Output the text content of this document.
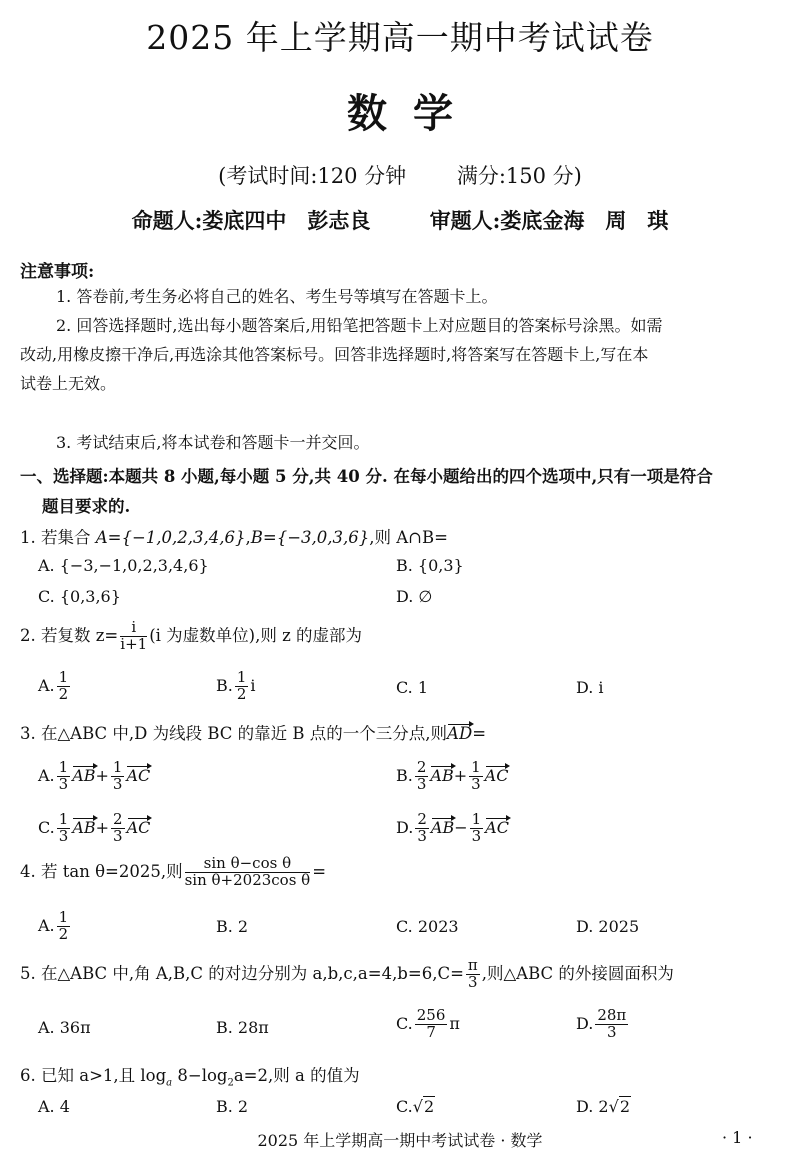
2025 年上学期高一期中考试试卷
数学
(考试时间:120 分钟 满分:150 分)
命题人:娄底四中　彭志良	审题人:娄底金海　周　琪
注意事项:
1. 答卷前,考生务必将自己的姓名、考生号等填写在答题卡上。
2. 回答选择题时,选出每小题答案后,用铅笔把答题卡上对应题目的答案标号涂黑。如需
改动,用橡皮擦干净后,再选涂其他答案标号。回答非选择题时,将答案写在答题卡上,写在本
试卷上无效。
3. 考试结束后,将本试卷和答题卡一并交回。
一、选择题:本题共 8 小题,每小题 5 分,共 40 分. 在每小题给出的四个选项中,只有一项是符合
题目要求的.
1. 若集合 A={−1,0,2,3,4,6},B={−3,0,3,6},则 A∩B=
A. {−3,−1,0,2,3,4,6}	B. {0,3}
C. {0,3,6}	D. ∅
2. 若复数 $z= \frac{i}{i+1} (i$ 为虚数单位),则 z 的虚部为
A. $\frac{1}{2}$	B. $\frac{1}{2}$ i	C. 1	D. i
3. 在△ABC 中,D 为线段 BC 的靠近 B 点的一个三分点,则AD=
A. $\frac{1}{3} AB+ \frac{1}{3}$ AC	B. $\frac{2}{3} AB+ \frac{1}{3}$ AC
C. $\frac{1}{3} AB+ \frac{2}{3}$ AC	D. $\frac{2}{3} AB- \frac{1}{3}$ AC
4. 若 tan θ=2025,则 $\frac{\text{sin θ−cos θ}}{\text{sin θ+2023cos θ}}$ =
A. $\frac{1}{2}$	B. 2	C. 2023	D. 2025
5. 在△ABC 中,角 A,B,C 的对边分别为 $a,b,c,a=4,b=6,C= \frac{\pi}{3}$ ,则△ABC 的外接圆面积为
A. 36π	B. 28π	C. $\frac{256}{7}$ π	D. $\frac{28\pi}{3}$
6. 已知 a>1,且 $\log_a 8-\log_2a=2$,则 a 的值为
A. 4	B. 2	C.√2	D. 2√2
2025 年上学期高一期中考试试卷 · 数学	· 1 ·
